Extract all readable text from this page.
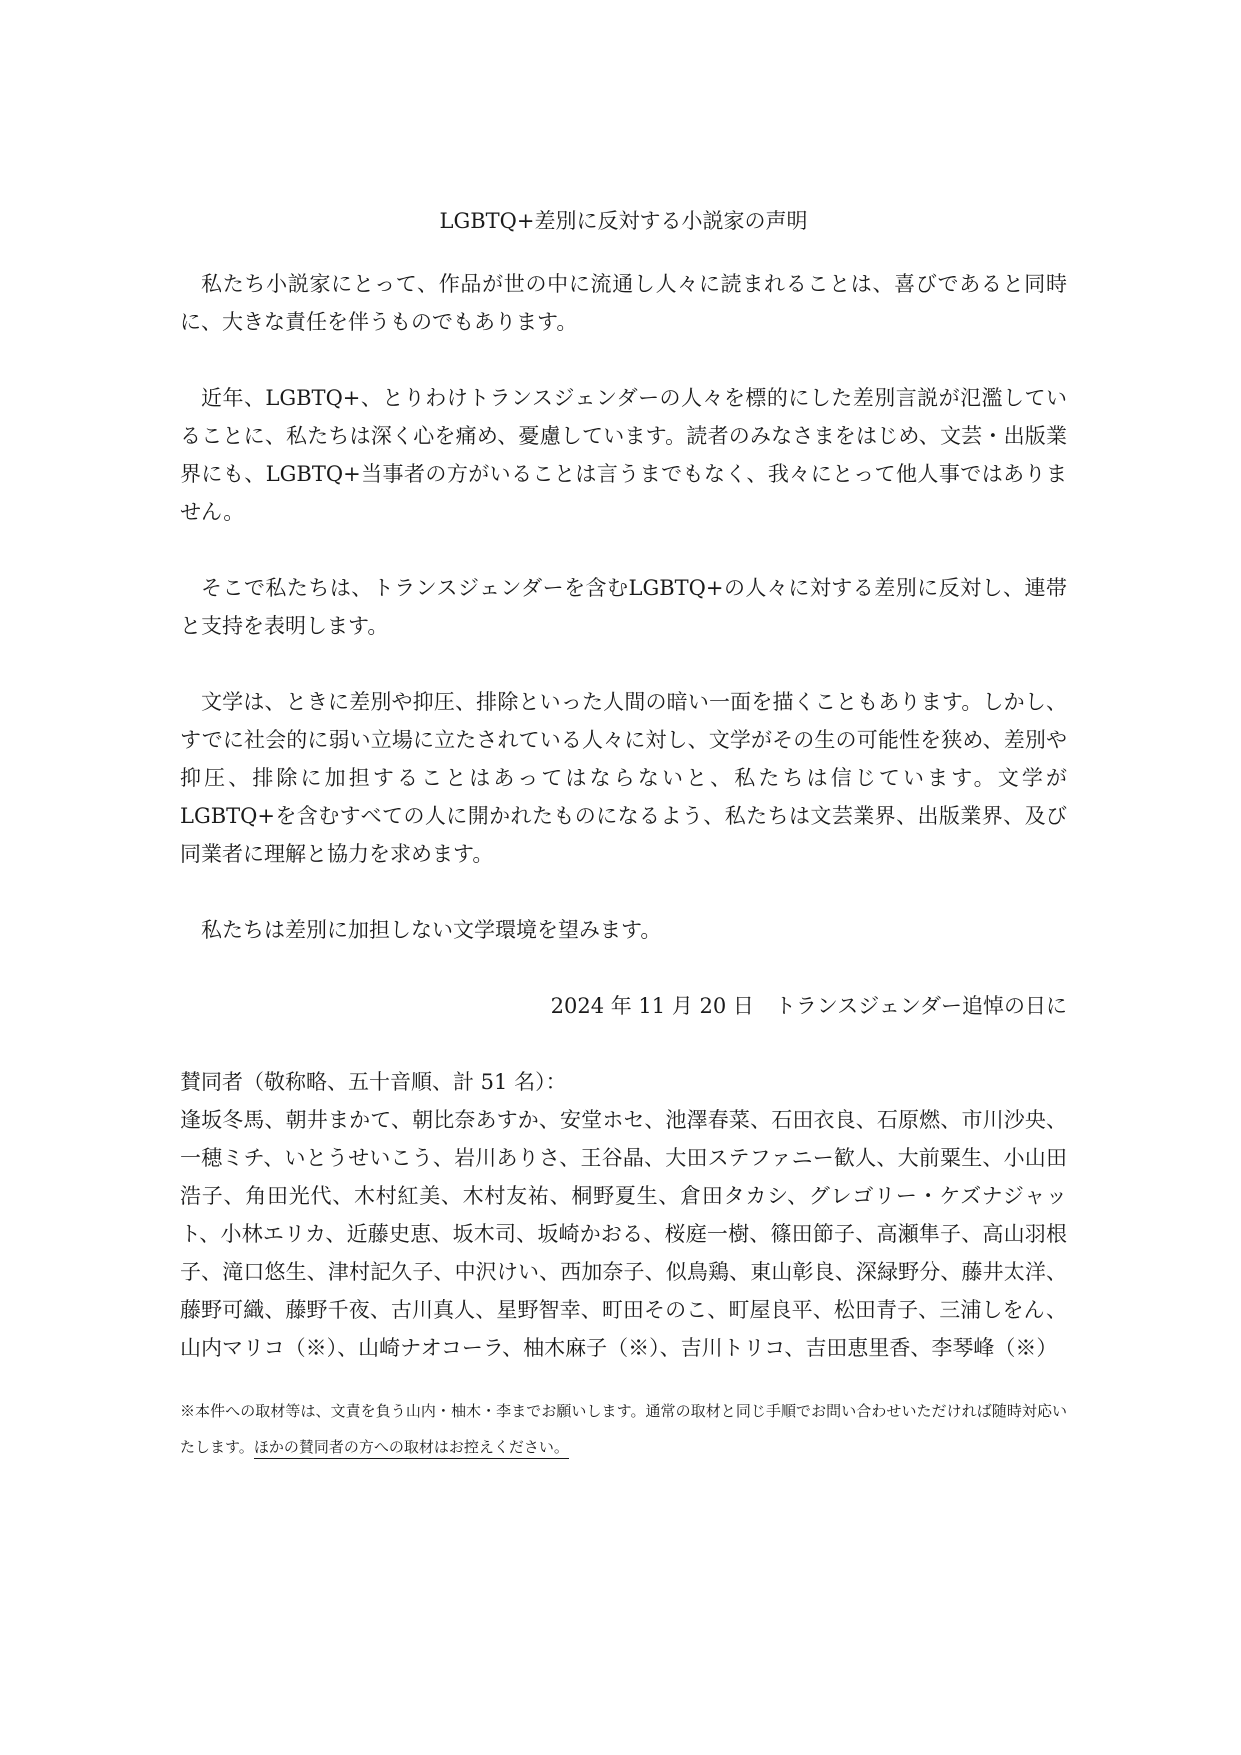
LGBTQ+差別に反対する小説家の声明

私たち小説家にとって、作品が世の中に流通し人々に読まれることは、喜びであると同時に、大きな責任を伴うものでもあります。

近年、LGBTQ+、とりわけトランスジェンダーの人々を標的にした差別言説が氾濫していることに、私たちは深く心を痛め、憂慮しています。読者のみなさまをはじめ、文芸・出版業界にも、LGBTQ+当事者の方がいることは言うまでもなく、我々にとって他人事ではありません。

そこで私たちは、トランスジェンダーを含むLGBTQ+の人々に対する差別に反対し、連帯と支持を表明します。

文学は、ときに差別や抑圧、排除といった人間の暗い一面を描くこともあります。しかし、すでに社会的に弱い立場に立たされている人々に対し、文学がその生の可能性を狭め、差別や抑圧、排除に加担することはあってはならないと、私たちは信じています。文学がLGBTQ+を含むすべての人に開かれたものになるよう、私たちは文芸業界、出版業界、及び同業者に理解と協力を求めます。

私たちは差別に加担しない文学環境を望みます。

2024 年 11 月 20 日　トランスジェンダー追悼の日に

賛同者（敬称略、五十音順、計 51 名）：
逢坂冬馬、朝井まかて、朝比奈あすか、安堂ホセ、池澤春菜、石田衣良、石原燃、市川沙央、一穂ミチ、いとうせいこう、岩川ありさ、王谷晶、大田ステファニー歓人、大前粟生、小山田浩子、角田光代、木村紅美、木村友祐、桐野夏生、倉田タカシ、グレゴリー・ケズナジャット、小林エリカ、近藤史恵、坂木司、坂崎かおる、桜庭一樹、篠田節子、高瀬隼子、高山羽根子、滝口悠生、津村記久子、中沢けい、西加奈子、似鳥鶏、東山彰良、深緑野分、藤井太洋、藤野可織、藤野千夜、古川真人、星野智幸、町田そのこ、町屋良平、松田青子、三浦しをん、山内マリコ（※）、山崎ナオコーラ、柚木麻子（※）、吉川トリコ、吉田恵里香、李琴峰（※）

※本件への取材等は、文責を負う山内・柚木・李までお願いします。通常の取材と同じ手順でお問い合わせいただければ随時対応いたします。ほかの賛同者の方への取材はお控えください。
